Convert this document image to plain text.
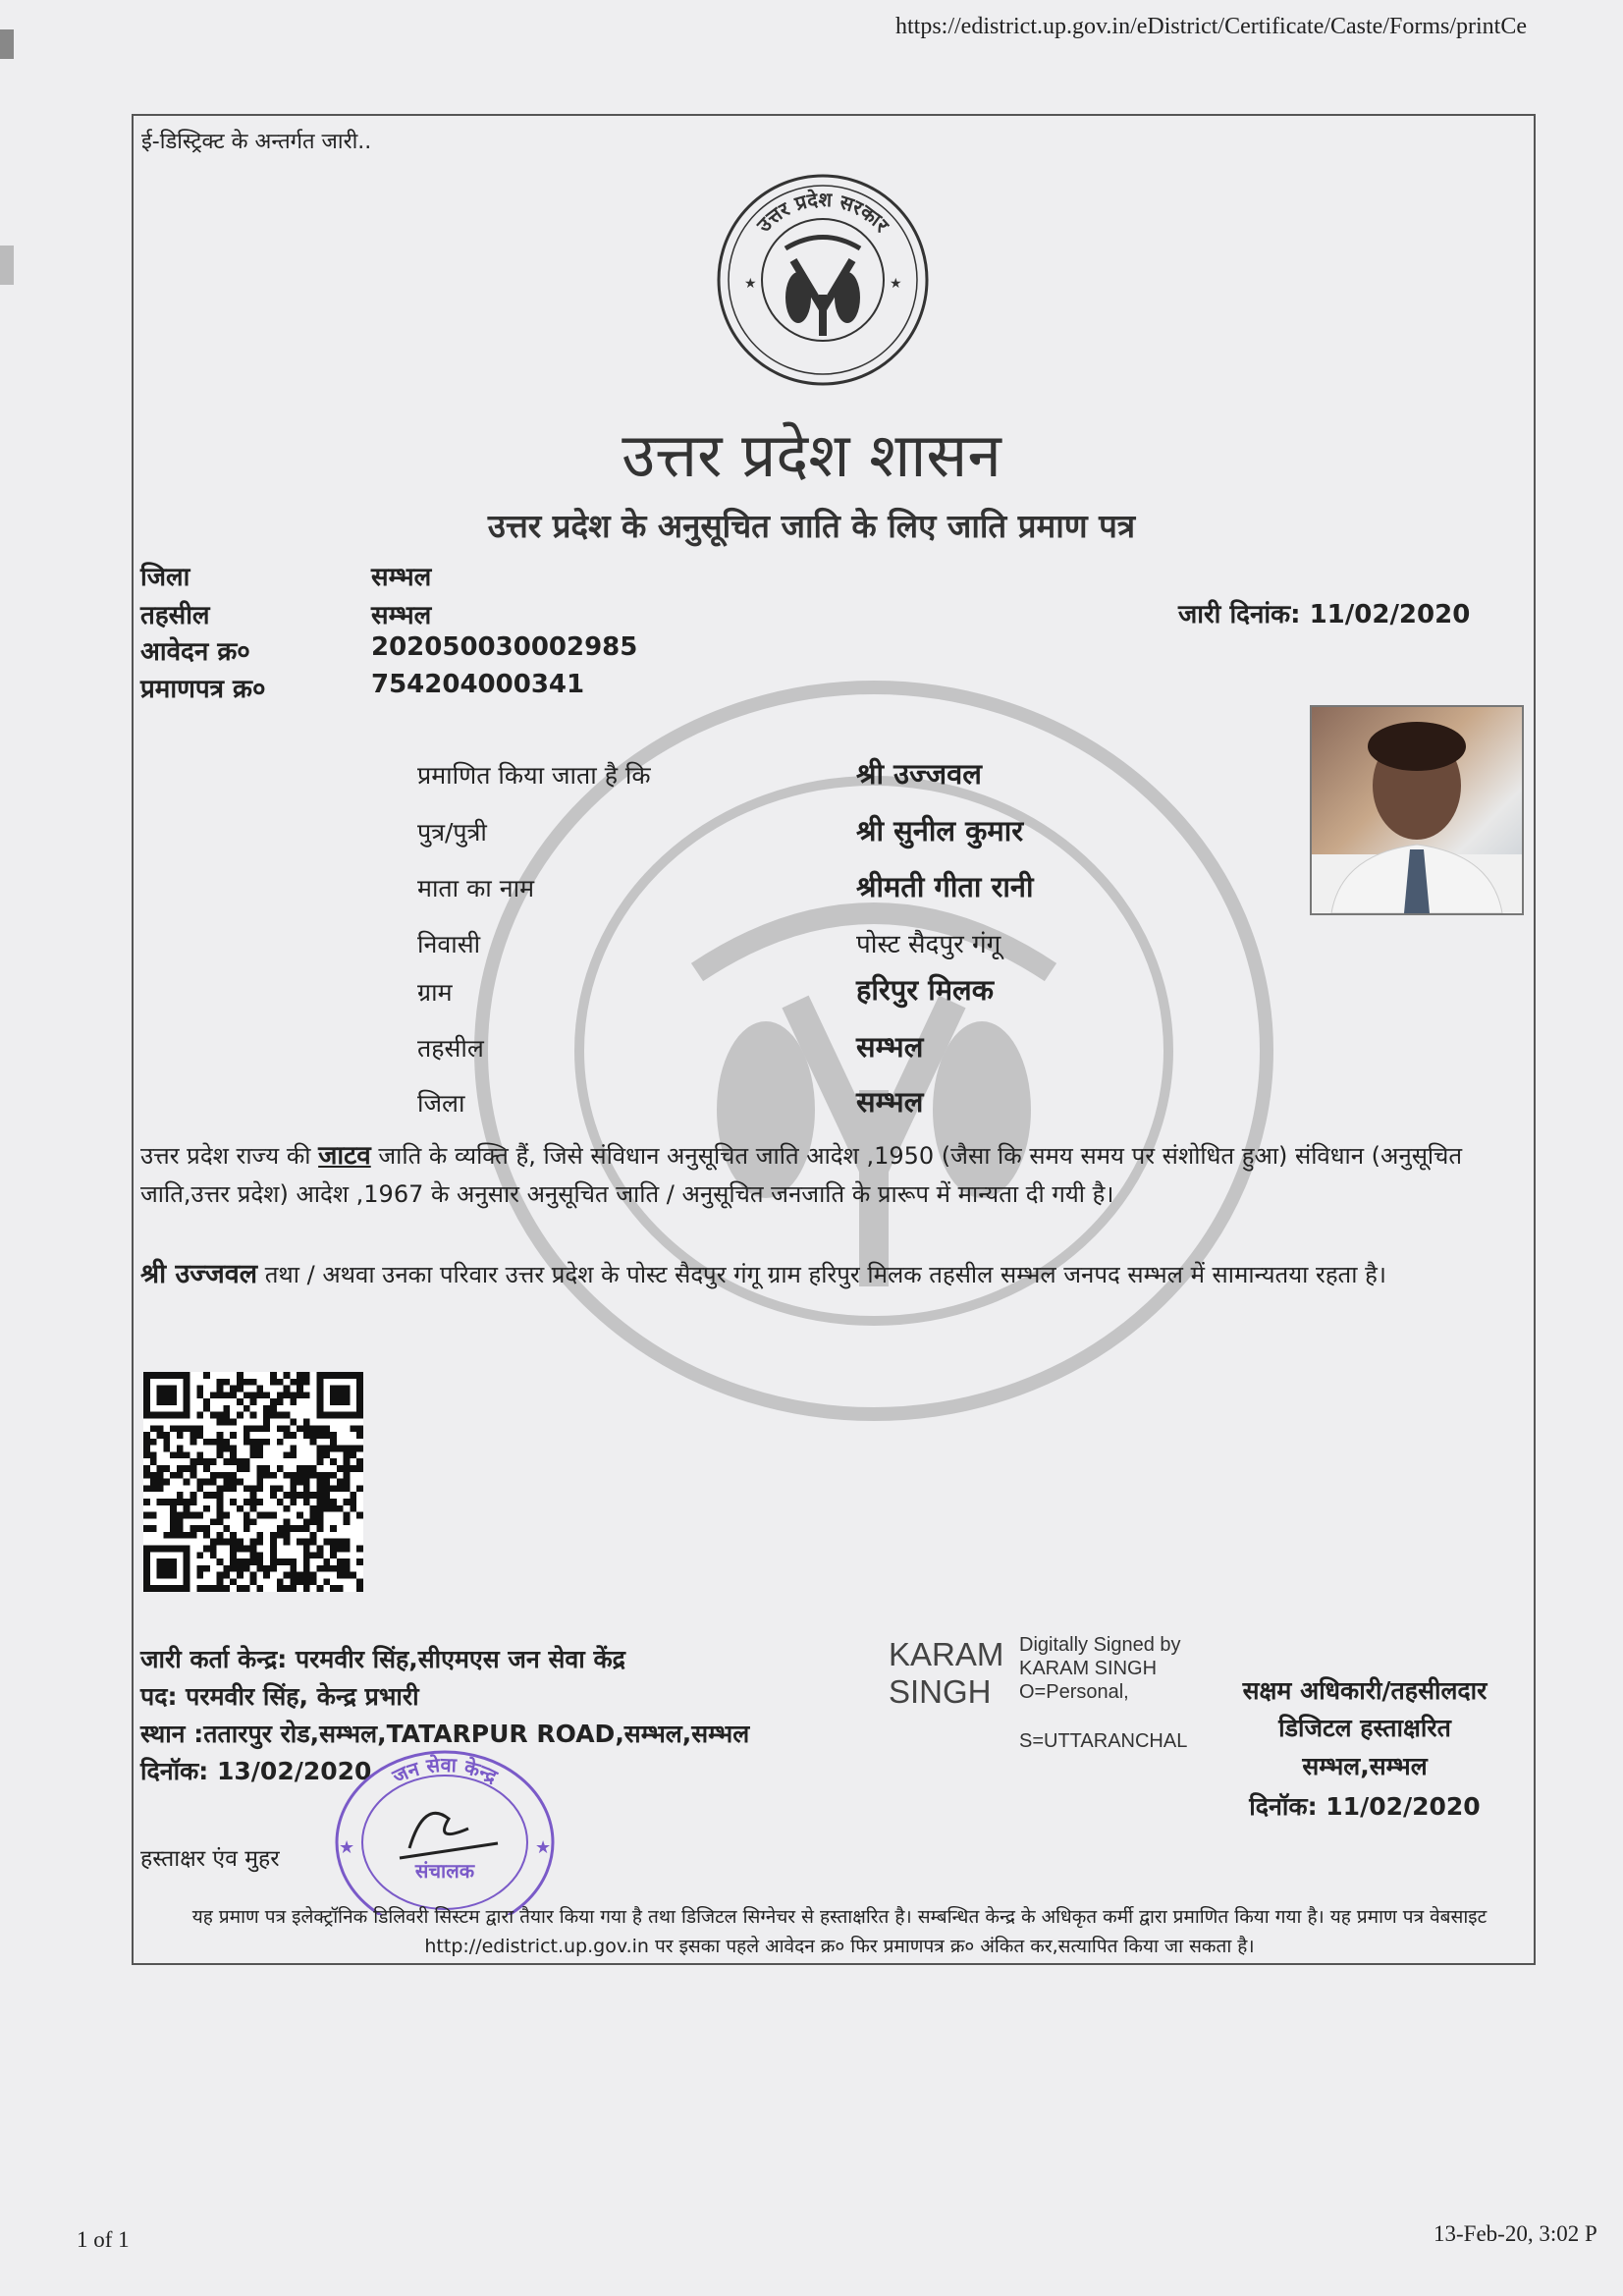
https://edistrict.up.gov.in/eDistrict/Certificate/Caste/Forms/printCe
ई-डिस्ट्रिक्ट के अन्तर्गत जारी..
उत्तर प्रदेश सरकार
★	★
उत्तर प्रदेश शासन
उत्तर प्रदेश के अनुसूचित जाति के लिए जाति प्रमाण पत्र
जिला	सम्भल
तहसील	सम्भल
आवेदन क्र०	202050030002985
प्रमाणपत्र क्र०	754204000341
जारी दिनांक: 11/02/2020
प्रमाणित किया जाता है कि	श्री उज्जवल
पुत्र/पुत्री	श्री सुनील कुमार
माता का नाम	श्रीमती गीता रानी
निवासी	पोस्ट सैदपुर गंगू
ग्राम	हरिपुर मिलक
तहसील	सम्भल
जिला	सम्भल
उत्तर प्रदेश राज्य की जाटव जाति के व्यक्ति हैं, जिसे संविधान अनुसूचित जाति आदेश ,1950 (जैसा कि समय समय पर संशोधित हुआ) संविधान (अनुसूचित जाति,उत्तर प्रदेश) आदेश ,1967 के अनुसार अनुसूचित जाति / अनुसूचित जनजाति के प्रारूप में मान्यता दी गयी है।
श्री उज्जवल तथा / अथवा उनका परिवार उत्तर प्रदेश के पोस्ट सैदपुर गंगू ग्राम हरिपुर मिलक तहसील सम्भल जनपद सम्भल में सामान्यतया रहता है।
जारी कर्ता केन्द्र: परमवीर सिंह,सीएमएस जन सेवा केंद्र
पद: परमवीर सिंह, केन्द्र प्रभारी
स्थान :ततारपुर रोड,सम्भल,TATARPUR ROAD,सम्भल,सम्भल
दिनॉक: 13/02/2020
हस्ताक्षर एंव मुहर
जन सेवा केन्द्र
संचालक
★	★
KARAM
SINGH
Digitally Signed by
KARAM SINGH
O=Personal,
S=UTTARANCHAL
सक्षम अधिकारी/तहसीलदार
डिजिटल हस्ताक्षरित
सम्भल,सम्भल
दिनॉक: 11/02/2020
यह प्रमाण पत्र इलेक्ट्रॉनिक डिलिवरी सिस्टम द्वारा तैयार किया गया है तथा डिजिटल सिग्नेचर से हस्ताक्षरित है। सम्बन्धित केन्द्र के अधिकृत कर्मी द्वारा प्रमाणित किया गया है। यह प्रमाण पत्र वेबसाइट http://edistrict.up.gov.in पर इसका पहले आवेदन क्र० फिर प्रमाणपत्र क्र० अंकित कर,सत्यापित किया जा सकता है।
1 of 1	13-Feb-20, 3:02 P
